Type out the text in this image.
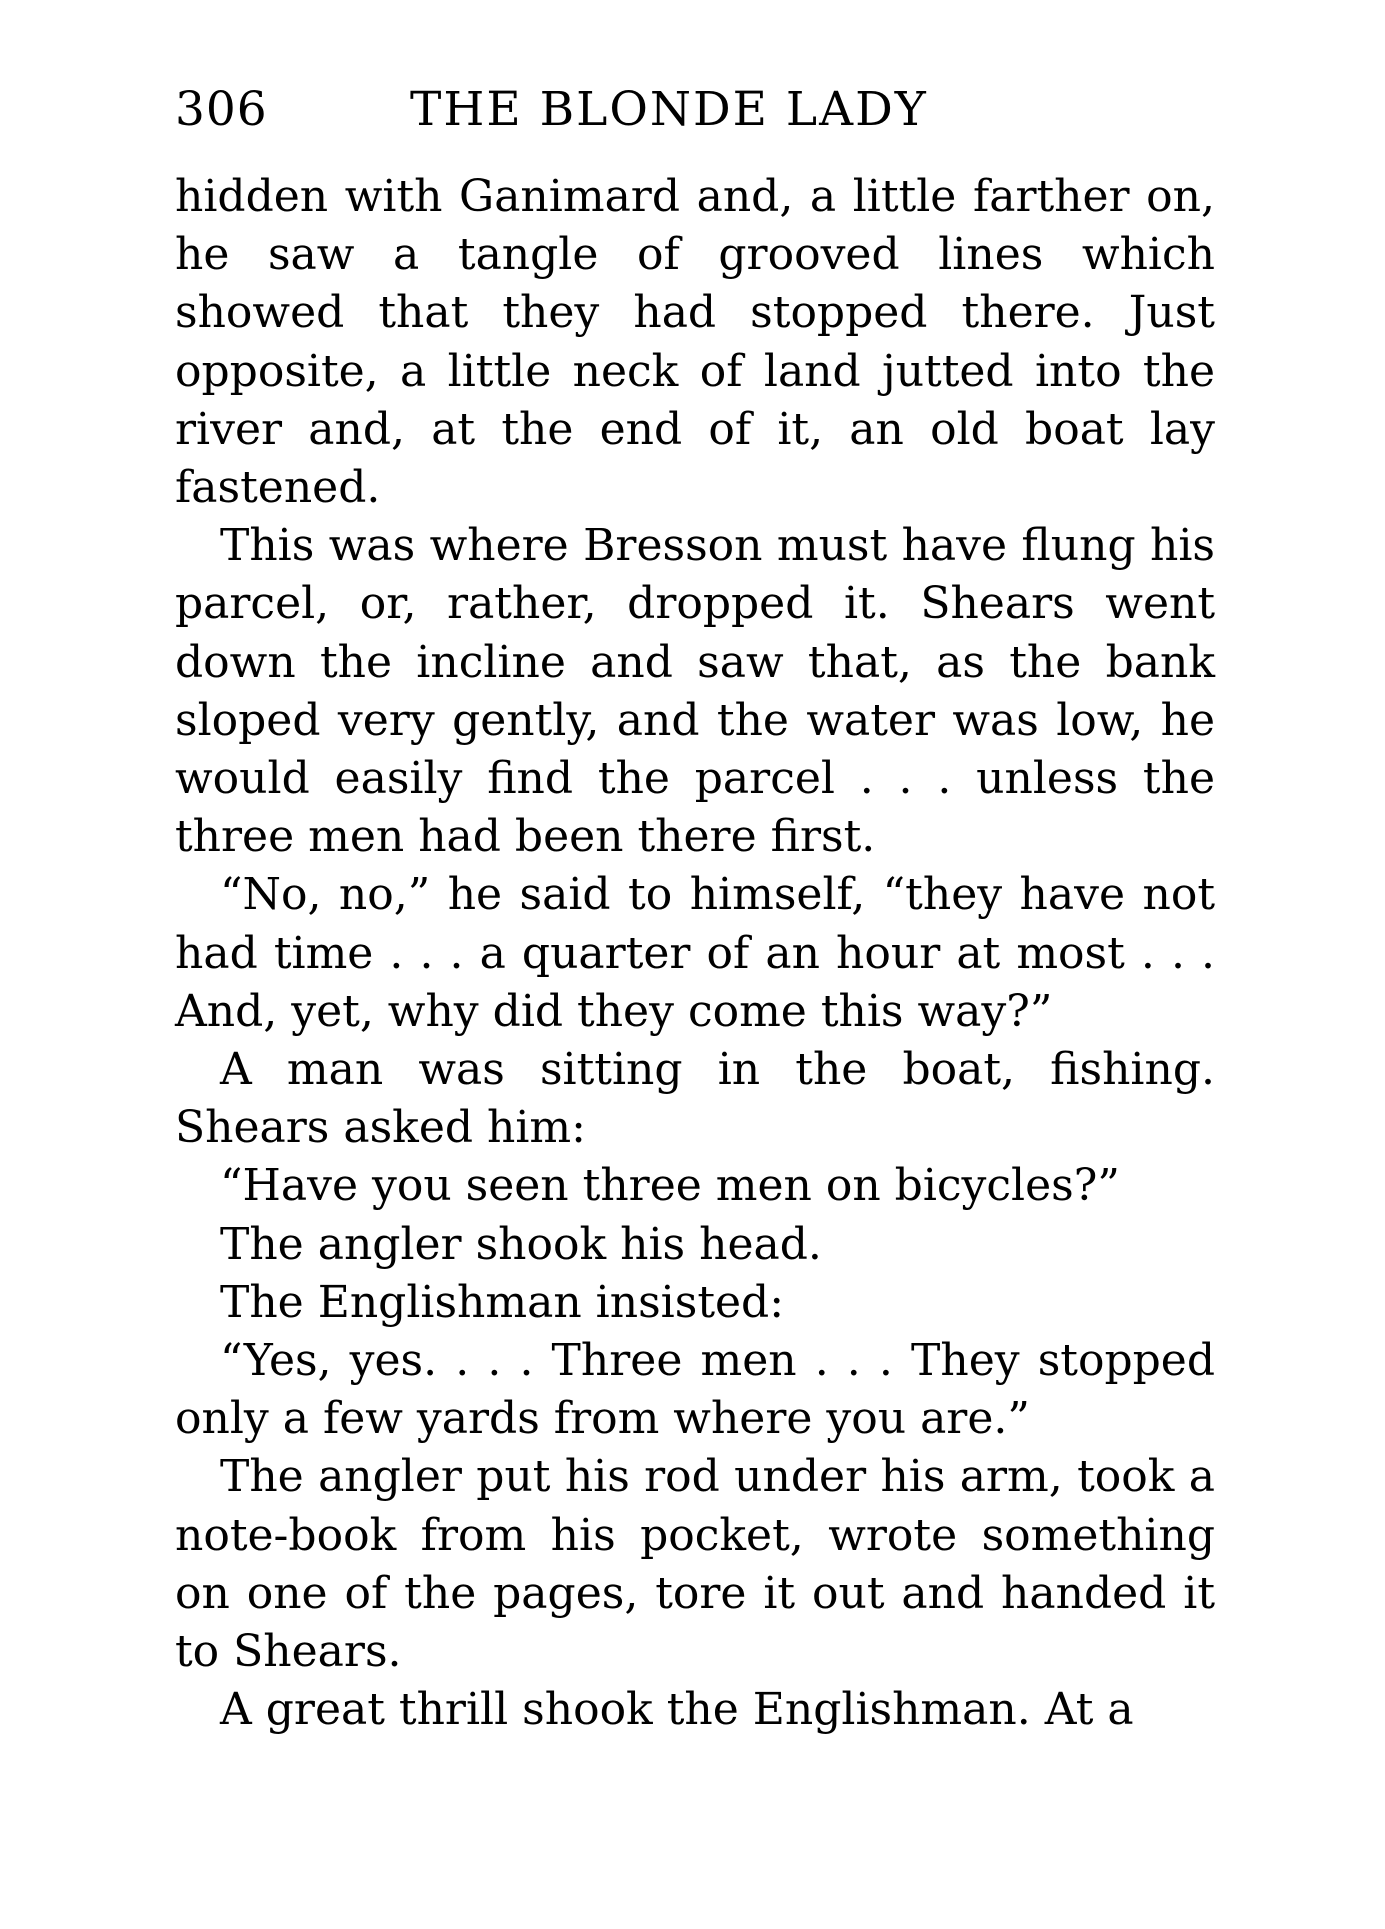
306	THE BLONDE LADY

hidden with Ganimard and, a little farther on, he saw a tangle of grooved lines which showed that they had stopped there. Just opposite, a little neck of land jutted into the river and, at the end of it, an old boat lay fastened.

This was where Bresson must have flung his parcel, or, rather, dropped it. Shears went down the incline and saw that, as the bank sloped very gently, and the water was low, he would easily find the parcel . . . unless the three men had been there first.

“No, no,” he said to himself, “they have not had time . . . a quarter of an hour at most . . . And, yet, why did they come this way?”

A man was sitting in the boat, fishing. Shears asked him:

“Have you seen three men on bicycles?”

The angler shook his head.

The Englishman insisted:

“Yes, yes. . . . Three men . . . They stopped only a few yards from where you are.”

The angler put his rod under his arm, took a note-book from his pocket, wrote something on one of the pages, tore it out and handed it to Shears.

A great thrill shook the Englishman. At a
